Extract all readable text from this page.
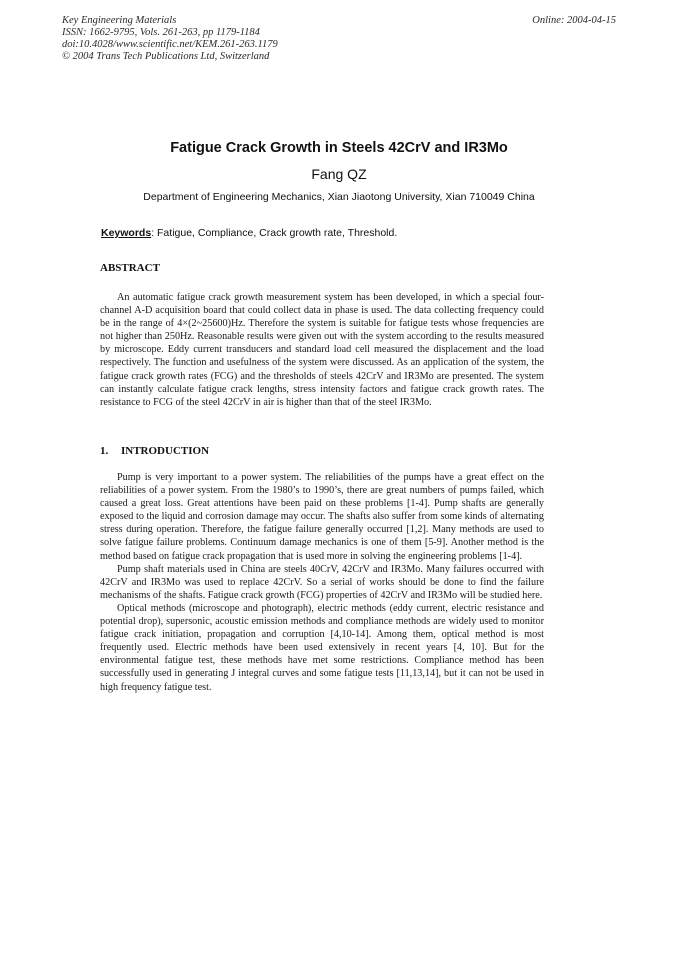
Key Engineering Materials
ISSN: 1662-9795, Vols. 261-263, pp 1179-1184
doi:10.4028/www.scientific.net/KEM.261-263.1179
© 2004 Trans Tech Publications Ltd, Switzerland
Online: 2004-04-15
Fatigue Crack Growth in Steels 42CrV and IR3Mo
Fang QZ
Department of Engineering Mechanics, Xian Jiaotong University, Xian 710049 China
Keywords: Fatigue, Compliance, Crack growth rate, Threshold.
ABSTRACT

An automatic fatigue crack growth measurement system has been developed, in which a special four-channel A-D acquisition board that could collect data in phase is used. The data collecting frequency could be in the range of 4×(2~25600)Hz. Therefore the system is suitable for fatigue tests whose frequencies are not higher than 250Hz. Reasonable results were given out with the system according to the results measured by microscope. Eddy current transducers and standard load cell measured the displacement and the load respectively. The function and usefulness of the system were discussed. As an application of the system, the fatigue crack growth rates (FCG) and the thresholds of steels 42CrV and IR3Mo are presented. The system can instantly calculate fatigue crack lengths, stress intensity factors and fatigue crack growth rates. The resistance to FCG of the steel 42CrV in air is higher than that of the steel IR3Mo.

1. INTRODUCTION

Pump is very important to a power system. The reliabilities of the pumps have a great effect on the reliabilities of a power system. From the 1980’s to 1990’s, there are great numbers of pumps failed, which caused a great loss. Great attentions have been paid on these problems [1-4]. Pump shafts are generally exposed to the liquid and corrosion damage may occur. The shafts also suffer from some kinds of alternating stress during operation. Therefore, the fatigue failure generally occurred [1,2]. Many methods are used to solve fatigue failure problems. Continuum damage mechanics is one of them [5-9]. Another method is the method based on fatigue crack propagation that is used more in solving the engineering problems [1-4].

Pump shaft materials used in China are steels 40CrV, 42CrV and IR3Mo. Many failures occurred with 42CrV and IR3Mo was used to replace 42CrV. So a serial of works should be done to find the failure mechanisms of the shafts. Fatigue crack growth (FCG) properties of 42CrV and IR3Mo will be studied here.

Optical methods (microscope and photograph), electric methods (eddy current, electric resistance and potential drop), supersonic, acoustic emission methods and compliance methods are widely used to monitor fatigue crack initiation, propagation and corruption [4,10-14]. Among them, optical method is most frequently used. Electric methods have been used extensively in recent years [4, 10]. But for the environmental fatigue test, these methods have met some restrictions. Compliance method has been successfully used in generating J integral curves and some fatigue tests [11,13,14], but it can not be used in high frequency fatigue test.
